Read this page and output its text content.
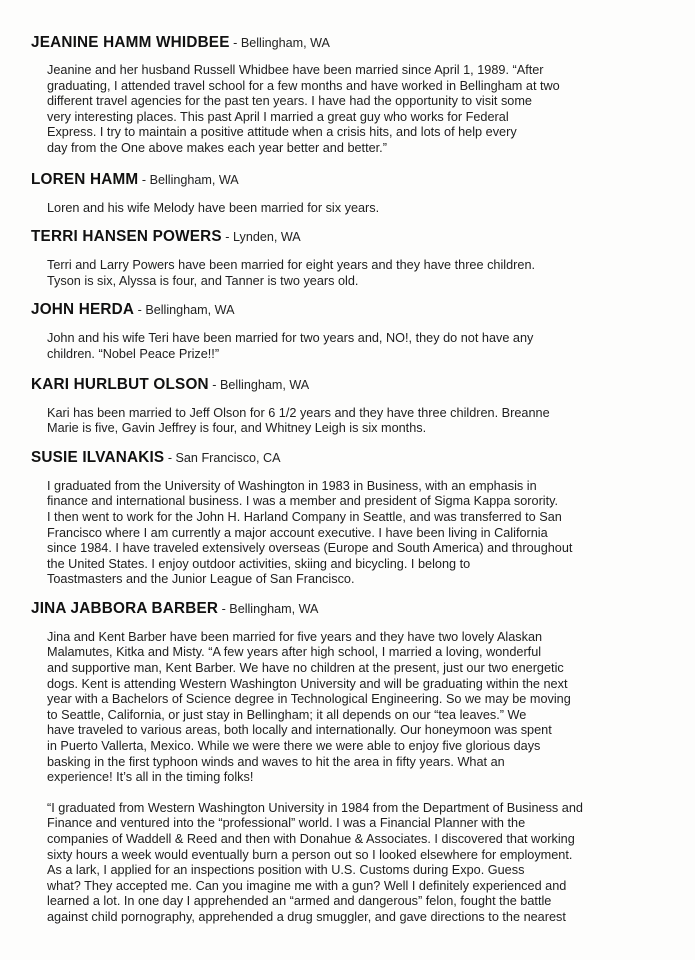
JEANINE HAMM WHIDBEE - Bellingham, WA

Jeanine and her husband Russell Whidbee have been married since April 1, 1989. “After
graduating, I attended travel school for a few months and have worked in Bellingham at two
different travel agencies for the past ten years. I have had the opportunity to visit some
very interesting places. This past April I married a great guy who works for Federal
Express. I try to maintain a positive attitude when a crisis hits, and lots of help every
day from the One above makes each year better and better.”

LOREN HAMM - Bellingham, WA

Loren and his wife Melody have been married for six years.

TERRI HANSEN POWERS - Lynden, WA

Terri and Larry Powers have been married for eight years and they have three children.
Tyson is six, Alyssa is four, and Tanner is two years old.

JOHN HERDA - Bellingham, WA

John and his wife Teri have been married for two years and, NO!, they do not have any
children. “Nobel Peace Prize!!”

KARI HURLBUT OLSON - Bellingham, WA

Kari has been married to Jeff Olson for 6 1/2 years and they have three children. Breanne
Marie is five, Gavin Jeffrey is four, and Whitney Leigh is six months.

SUSIE ILVANAKIS - San Francisco, CA

I graduated from the University of Washington in 1983 in Business, with an emphasis in
finance and international business. I was a member and president of Sigma Kappa sorority.
I then went to work for the John H. Harland Company in Seattle, and was transferred to San
Francisco where I am currently a major account executive. I have been living in California
since 1984. I have traveled extensively overseas (Europe and South America) and throughout
the United States. I enjoy outdoor activities, skiing and bicycling. I belong to
Toastmasters and the Junior League of San Francisco.

JINA JABBORA BARBER - Bellingham, WA

Jina and Kent Barber have been married for five years and they have two lovely Alaskan
Malamutes, Kitka and Misty. “A few years after high school, I married a loving, wonderful
and supportive man, Kent Barber. We have no children at the present, just our two energetic
dogs. Kent is attending Western Washington University and will be graduating within the next
year with a Bachelors of Science degree in Technological Engineering. So we may be moving
to Seattle, California, or just stay in Bellingham; it all depends on our “tea leaves.” We
have traveled to various areas, both locally and internationally. Our honeymoon was spent
in Puerto Vallerta, Mexico. While we were there we were able to enjoy five glorious days
basking in the first typhoon winds and waves to hit the area in fifty years. What an
experience! It’s all in the timing folks!

“I graduated from Western Washington University in 1984 from the Department of Business and
Finance and ventured into the “professional” world. I was a Financial Planner with the
companies of Waddell & Reed and then with Donahue & Associates. I discovered that working
sixty hours a week would eventually burn a person out so I looked elsewhere for employment.
As a lark, I applied for an inspections position with U.S. Customs during Expo. Guess
what? They accepted me. Can you imagine me with a gun? Well I definitely experienced and
learned a lot. In one day I apprehended an “armed and dangerous” felon, fought the battle
against child pornography, apprehended a drug smuggler, and gave directions to the nearest
